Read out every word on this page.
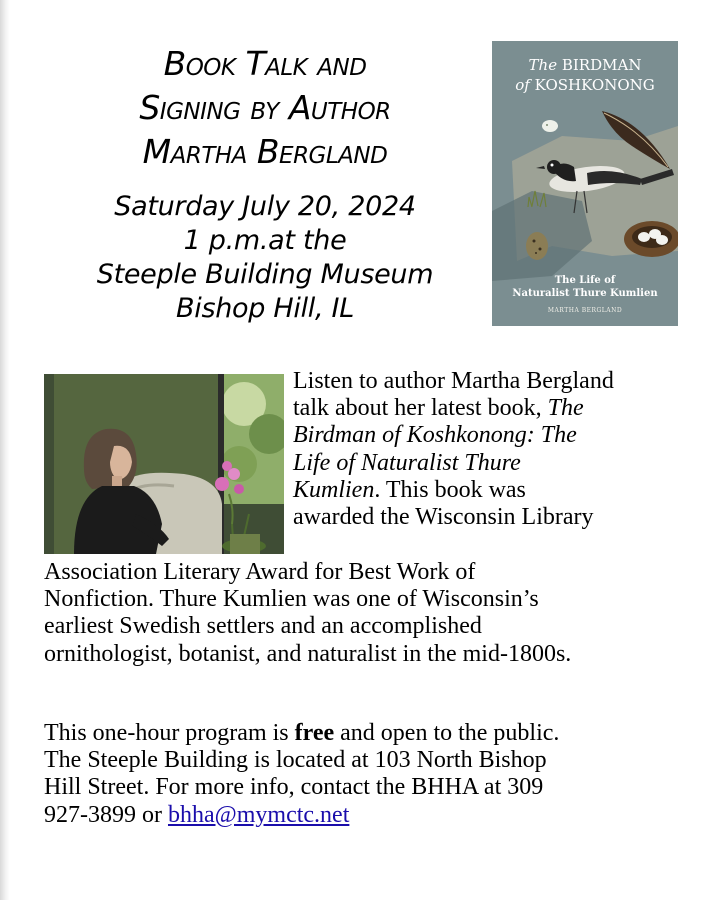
Book Talk and
Signing by Author
Martha Bergland
Saturday July 20, 2024
1 p.m.at the
Steeple Building Museum
Bishop Hill, IL
The BIRDMAN
of KOSHKONONG
The Life of
Naturalist Thure Kumlien
MARTHA BERGLAND
Listen to author Martha Bergland
talk about her latest book, The
Birdman of Koshkonong: The
Life of Naturalist Thure
Kumlien. This book was
awarded the Wisconsin Library
Association Literary Award for Best Work of
Nonfiction. Thure Kumlien was one of Wisconsin’s
earliest Swedish settlers and an accomplished
ornithologist, botanist, and naturalist in the mid-1800s.
This one-hour program is free and open to the public.
The Steeple Building is located at 103 North Bishop
Hill Street. For more info, contact the BHHA at 309
927-3899 or bhha@mymctc.net
